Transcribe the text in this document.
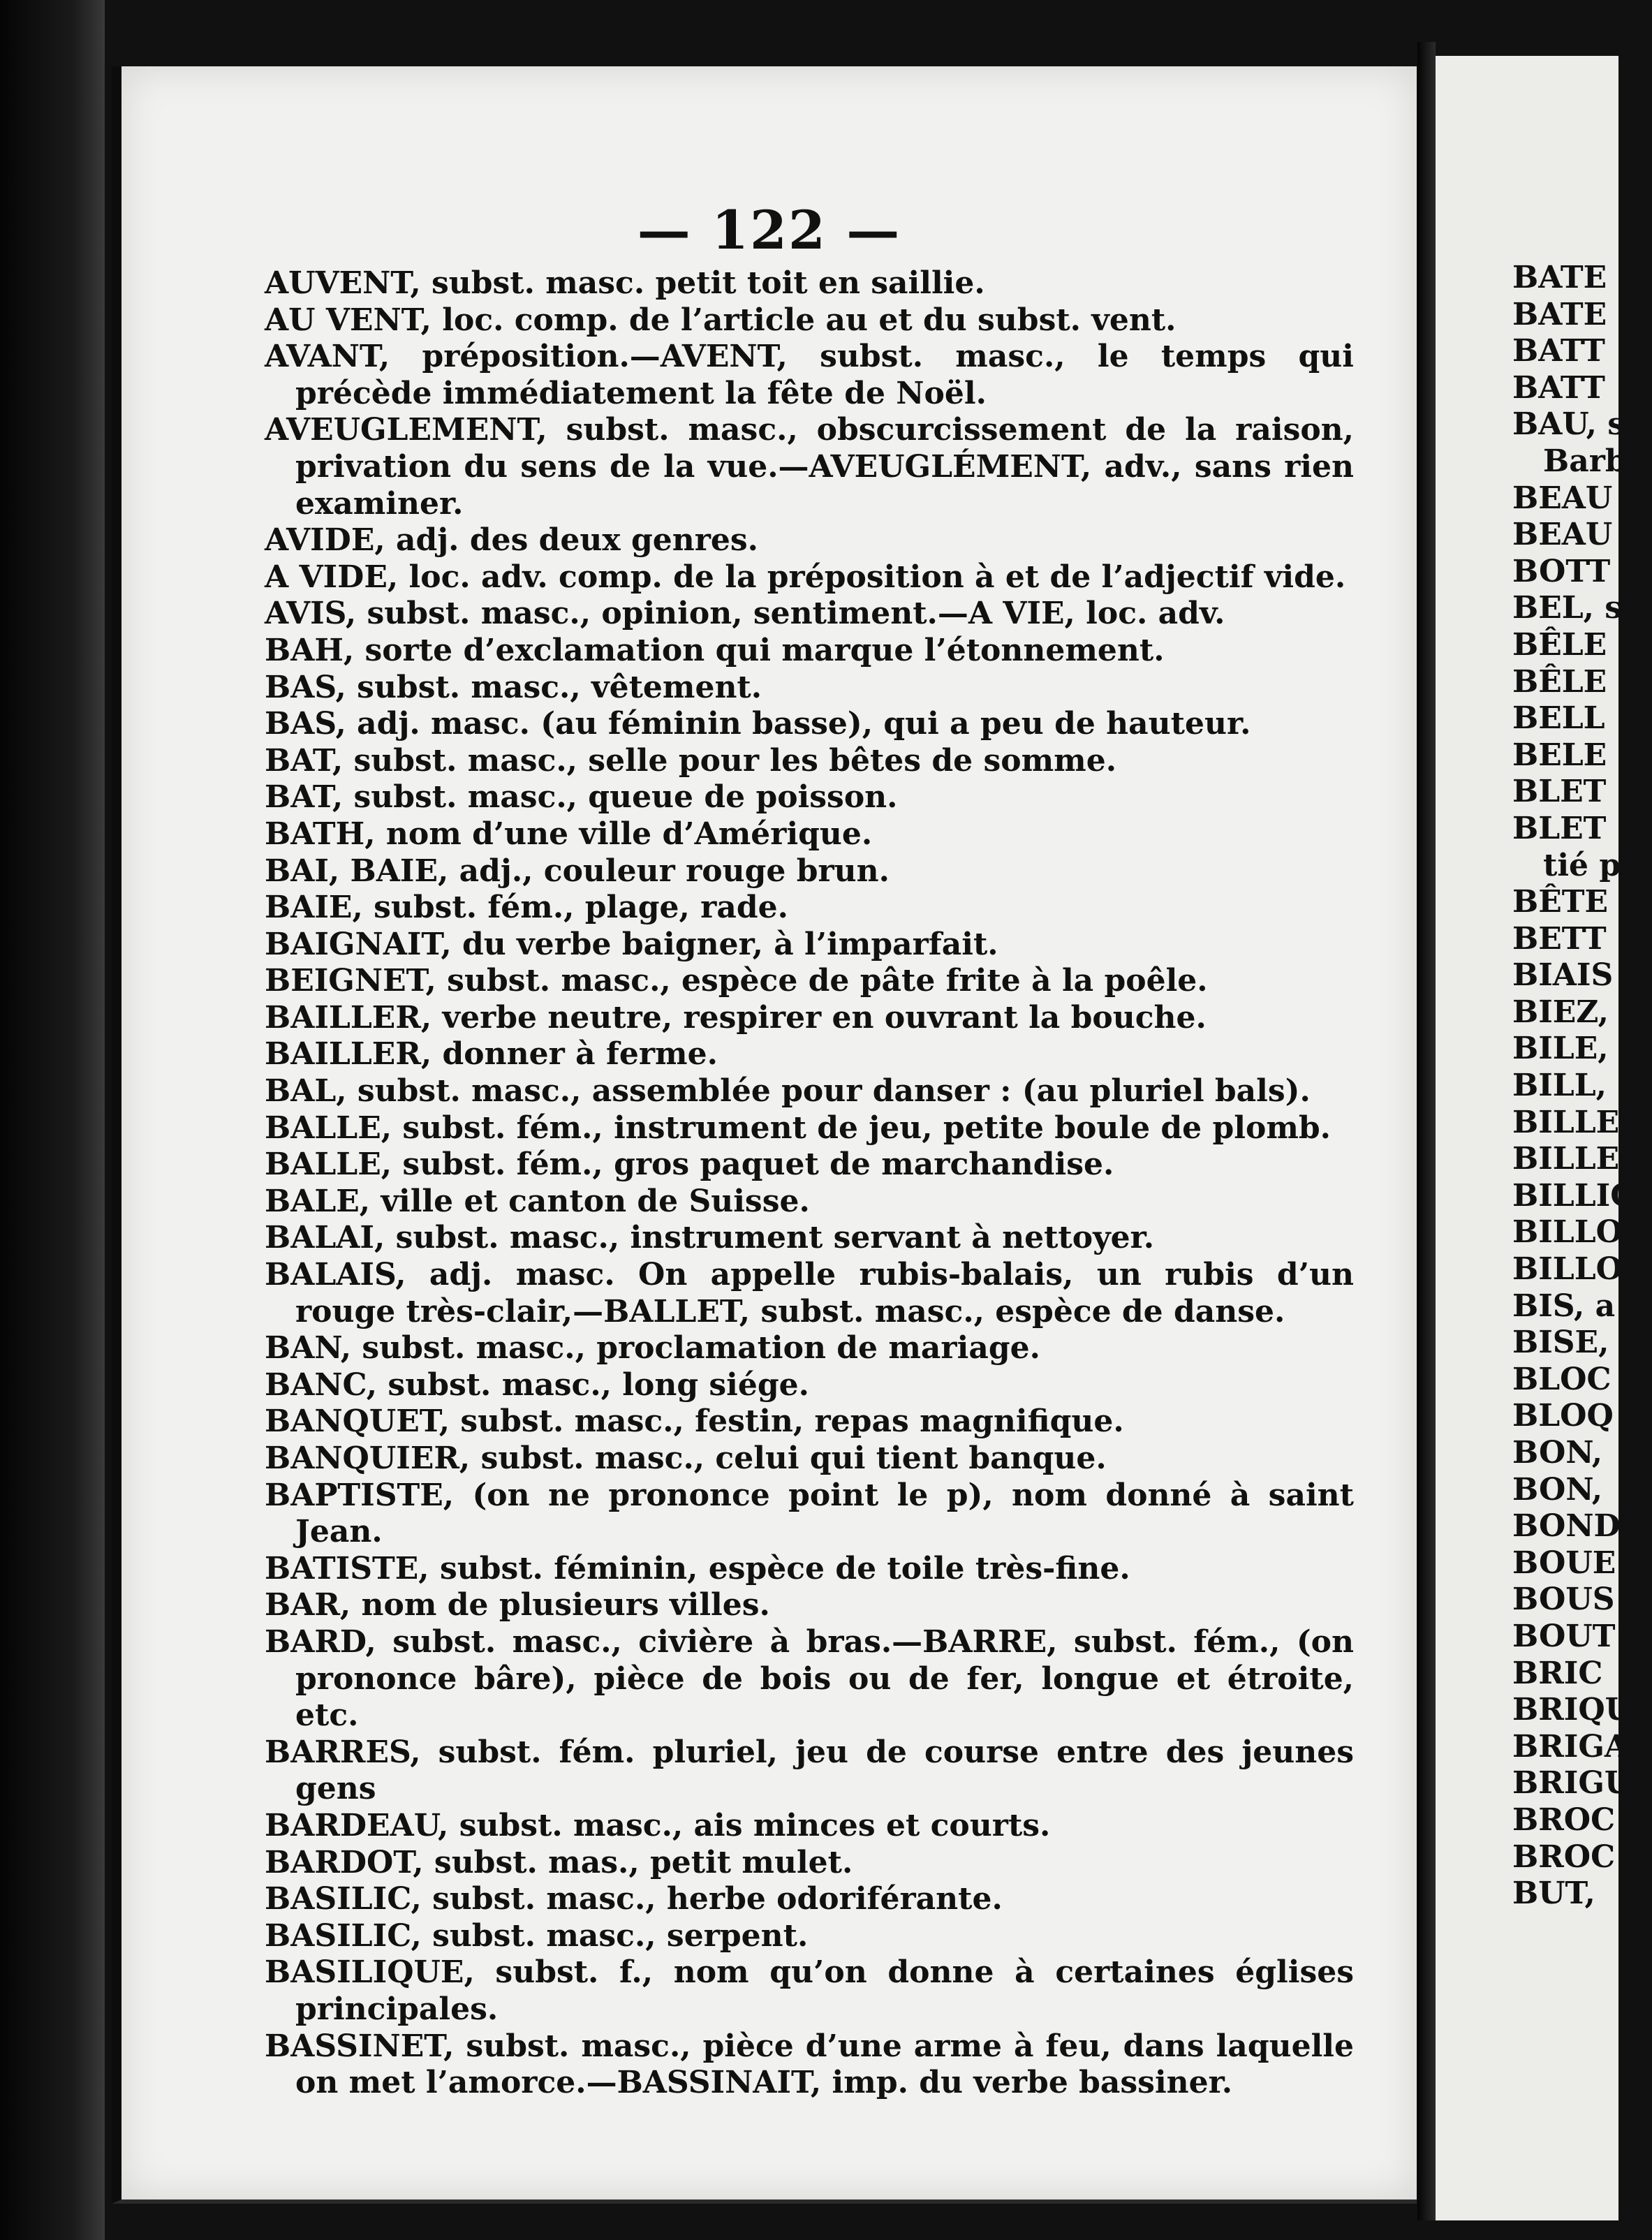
— 122 —
AUVENT, subst. masc. petit toit en saillie.
AU VENT, loc. comp. de l’article au et du subst. vent.
AVANT, préposition.—AVENT, subst. masc., le temps qui précède immédiatement la fête de Noël.
AVEUGLEMENT, subst. masc., obscurcissement de la raison, privation du sens de la vue.—AVEUGLÉMENT, adv., sans rien examiner.
AVIDE, adj. des deux genres.
A VIDE, loc. adv. comp. de la préposition à et de l’adjectif vide.
AVIS, subst. masc., opinion, sentiment.—A VIE, loc. adv.
BAH, sorte d’exclamation qui marque l’étonnement.
BAS, subst. masc., vêtement.
BAS, adj. masc. (au féminin basse), qui a peu de hauteur.
BAT, subst. masc., selle pour les bêtes de somme.
BAT, subst. masc., queue de poisson.
BATH, nom d’une ville d’Amérique.
BAI, BAIE, adj., couleur rouge brun.
BAIE, subst. fém., plage, rade.
BAIGNAIT, du verbe baigner, à l’imparfait.
BEIGNET, subst. masc., espèce de pâte frite à la poêle.
BAILLER, verbe neutre, respirer en ouvrant la bouche.
BAILLER, donner à ferme.
BAL, subst. masc., assemblée pour danser : (au pluriel bals).
BALLE, subst. fém., instrument de jeu, petite boule de plomb.
BALLE, subst. fém., gros paquet de marchandise.
BALE, ville et canton de Suisse.
BALAI, subst. masc., instrument servant à nettoyer.
BALAIS, adj. masc. On appelle rubis-balais, un rubis d’un rouge très-clair,—BALLET, subst. masc., espèce de danse.
BAN, subst. masc., proclamation de mariage.
BANC, subst. masc., long siége.
BANQUET, subst. masc., festin, repas magnifique.
BANQUIER, subst. masc., celui qui tient banque.
BAPTISTE, (on ne prononce point le p), nom donné à saint Jean.
BATISTE, subst. féminin, espèce de toile très-fine.
BAR, nom de plusieurs villes.
BARD, subst. masc., civière à bras.—BARRE, subst. fém., (on prononce bâre), pièce de bois ou de fer, longue et étroite, etc.
BARRES, subst. fém. pluriel, jeu de course entre des jeunes gens
BARDEAU, subst. masc., ais minces et courts.
BARDOT, subst. mas., petit mulet.
BASILIC, subst. masc., herbe odoriférante.
BASILIC, subst. masc., serpent.
BASILIQUE, subst. f., nom qu’on donne à certaines églises principales.
BASSINET, subst. masc., pièce d’une arme à feu, dans laquelle on met l’amorce.—BASSINAIT, imp. du verbe bassiner.
BATE
BATE
BATT
BATT
BAU, s
Barb
BEAU
BEAU
BOTT
BEL, s
BÊLE
BÊLE
BELL
BELE
BLET
BLET
tié p
BÊTE
BETT
BIAIS
BIEZ,
BILE,
BILL,
BILLE
BILLE
BILLIC
BILLO
BILLO
BIS, a
BISE,
BLOC
BLOQ
BON,
BON,
BOND
BOUE
BOUS
BOUT
BRIC
BRIQU
BRIGA
BRIGU
BROC
BROC
BUT,
